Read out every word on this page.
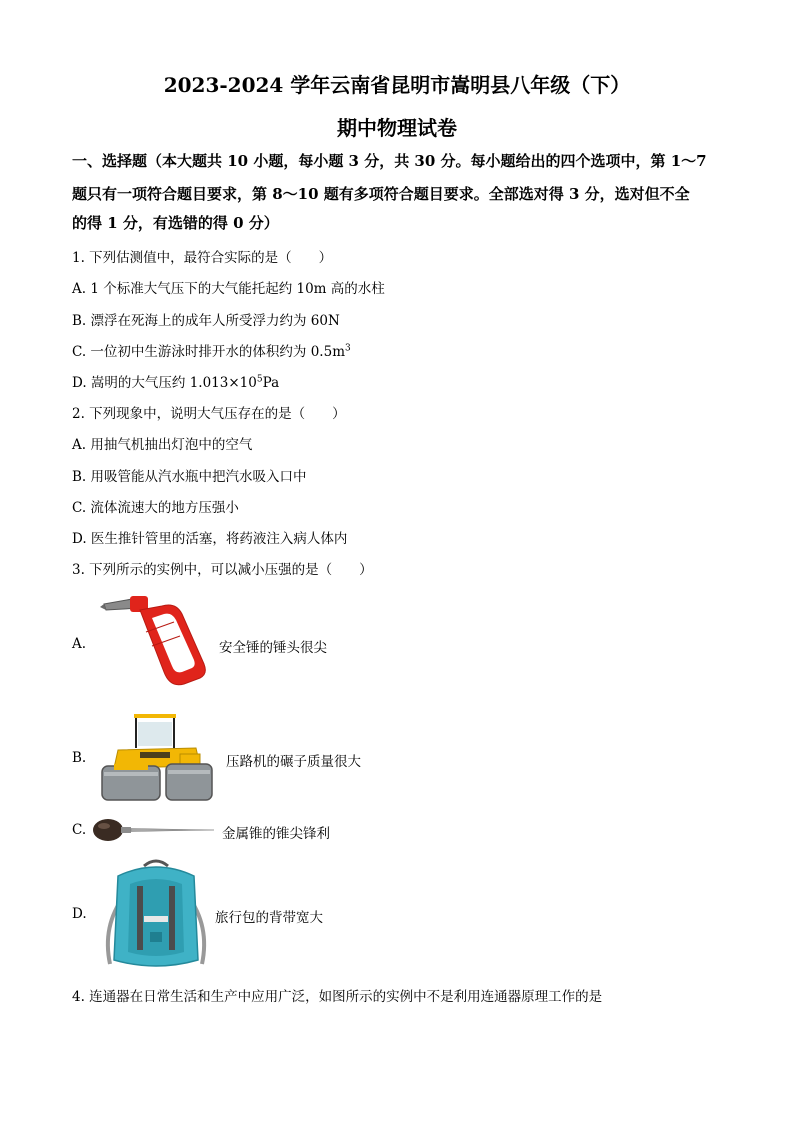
2023-2024 学年云南省昆明市嵩明县八年级（下）
期中物理试卷
一、选择题（本大题共 10 小题，每小题 3 分，共 30 分。每小题给出的四个选项中，第 1～7
题只有一项符合题目要求，第 8～10 题有多项符合题目要求。全部选对得 3 分，选对但不全
的得 1 分，有选错的得 0 分）
1. 下列估测值中，最符合实际的是（　　）
A. 1 个标准大气压下的大气能托起约 10m 高的水柱
B. 漂浮在死海上的成年人所受浮力约为 60N
C. 一位初中生游泳时排开水的体积约为 $0.5m^3$
D. 嵩明的大气压约 $1.013\times 10^5Pa$
2. 下列现象中，说明大气压存在的是（　　）
A. 用抽气机抽出灯泡中的空气
B. 用吸管能从汽水瓶中把汽水吸入口中
C. 流体流速大的地方压强小
D. 医生推针管里的活塞，将药液注入病人体内
3. 下列所示的实例中，可以减小压强的是（　　）
A.	安全锤的锤头很尖
B.	压路机的碾子质量很大
C.	金属锥的锥尖锋利
D.	旅行包的背带宽大
4. 连通器在日常生活和生产中应用广泛，如图所示的实例中不是利用连通器原理工作的是
